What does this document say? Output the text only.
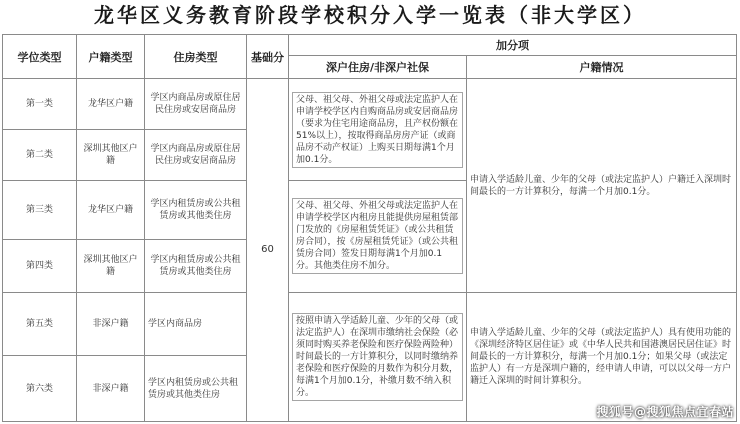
龙华区义务教育阶段学校积分入学一览表（非大学区）
学位类型	户籍类型	住房类型	基础分	加分项	
				深户住房/非深户社保	户籍情况
第一类	龙华区户籍	学区内商品房或原住居民住房或安居商品房	60	父母、祖父母、外祖父母或法定监护人在申请学校学区内自购商品房或安居商品房（要求为住宅用途商品房，且产权份额在51%以上），按取得商品房房产证（或商品房不动产权证）上购买日期每满1个月加0.1分。	申请入学适龄儿童、少年的父母（或法定监护人）户籍迁入深圳时间最长的一方计算积分，每满一个月加0.1分。
第二类	深圳其他区户籍	学区内商品房或原住居民住房或安居商品房			
第三类	龙华区户籍	学区内租赁房或公共租赁房或其他类住房		父母、祖父母、外祖父母或法定监护人在申请学校学区内租房且能提供房屋租赁部门发放的《房屋租赁凭证》（或公共租赁房合同），按《房屋租赁凭证》（或公共租赁房合同）签发日期每满1个月加0.1分。其他类住房不加分。	

第四类	深圳其他区户籍	学区内租赁房或公共租赁房或其他类住房			
第五类	非深户籍	学区内商品房		按照申请入学适龄儿童、少年的父母（或法定监护人）在深圳市缴纳社会保险（必须同时购买养老保险和医疗保险两险种）时间最长的一方计算积分，以同时缴纳养老保险和医疗保险的月数作为积分月数，每满1个月加0.1分，补缴月数不纳入积分。	申请入学适龄儿童、少年的父母（或法定监护人）具有使用功能的《深圳经济特区居住证》或《中华人民共和国港澳居民居住证》时间最长的一方计算积分，每满一个月加0.1分；如果父母（或法定监护人）有一方是深圳户籍的，经申请人申请，可以以父母一方户籍迁入深圳的时间计算积分。
第六类	非深户籍	学区内租赁房或公共租赁房或其他类住房			
搜狐号@搜狐焦点宜春站
